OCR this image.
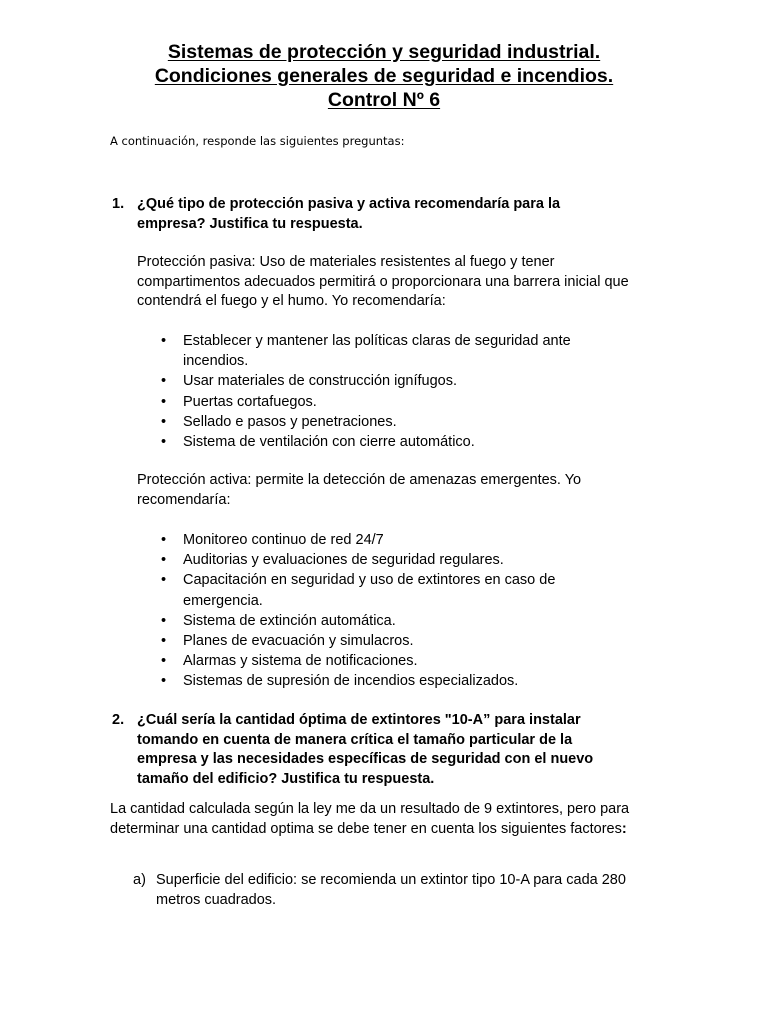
Sistemas de protección y seguridad industrial.
Condiciones generales de seguridad e incendios.
Control Nº 6
A continuación, responde las siguientes preguntas:
1. ¿Qué tipo de protección pasiva y activa recomendaría para la empresa? Justifica tu respuesta.
Protección pasiva: Uso de materiales resistentes al fuego y tener compartimentos adecuados permitirá o proporcionara una barrera inicial que contendrá el fuego y el humo. Yo recomendaría:
• Establecer y mantener las políticas claras de seguridad ante incendios.
• Usar materiales de construcción ignífugos.
• Puertas cortafuegos.
• Sellado e pasos y penetraciones.
• Sistema de ventilación con cierre automático.
Protección activa: permite la detección de amenazas emergentes. Yo recomendaría:
• Monitoreo continuo de red 24/7
• Auditorias y evaluaciones de seguridad regulares.
• Capacitación en seguridad y uso de extintores en caso de emergencia.
• Sistema de extinción automática.
• Planes de evacuación y simulacros.
• Alarmas y sistema de notificaciones.
• Sistemas de supresión de incendios especializados.
2. ¿Cuál sería la cantidad óptima de extintores "10-A” para instalar tomando en cuenta de manera crítica el tamaño particular de la empresa y las necesidades específicas de seguridad con el nuevo tamaño del edificio? Justifica tu respuesta.
La cantidad calculada según la ley me da un resultado de 9 extintores, pero para determinar una cantidad optima se debe tener en cuenta los siguientes factores:
a) Superficie del edificio: se recomienda un extintor tipo 10-A para cada 280 metros cuadrados.
